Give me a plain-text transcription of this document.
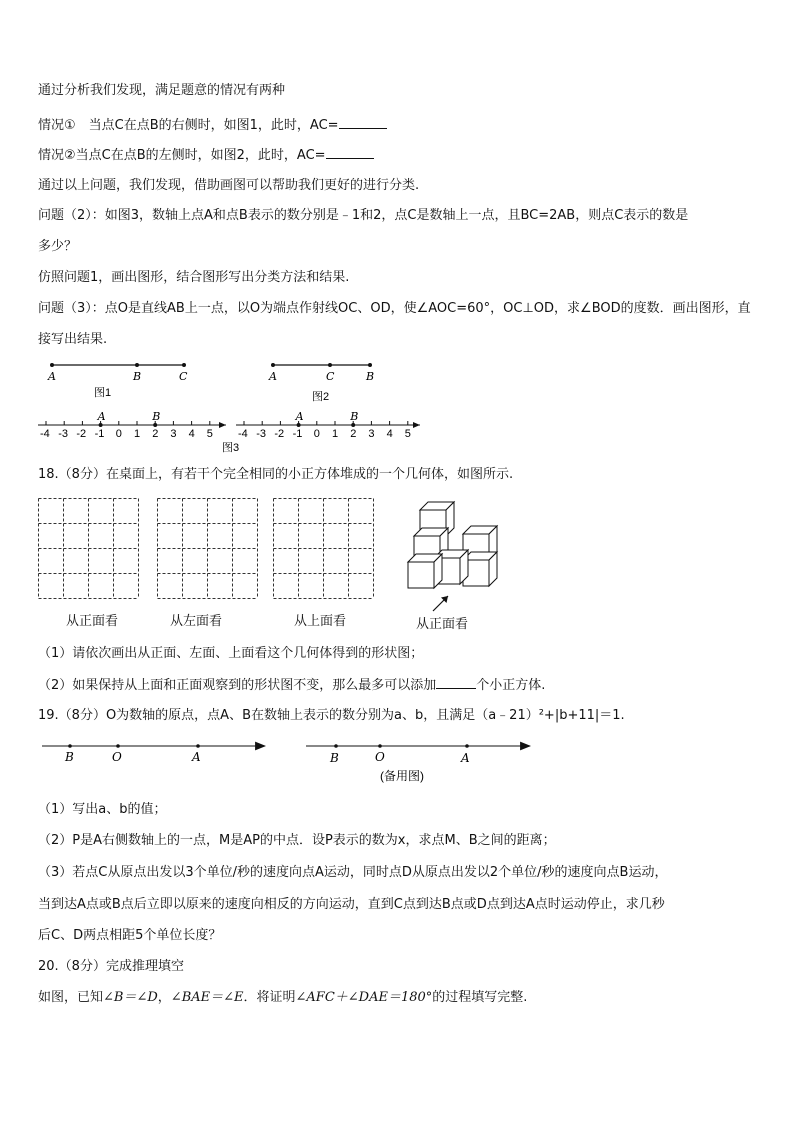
通过分析我们发现，满足题意的情况有两种
情况①　当点C在点B的右侧时，如图1，此时，AC=
情况②当点C在点B的左侧时，如图2，此时，AC=
通过以上问题，我们发现，借助画图可以帮助我们更好的进行分类.
问题（2）：如图3，数轴上点A和点B表示的数分别是﹣1和2，点C是数轴上一点，且BC=2AB，则点C表示的数是
多少？
仿照问题1，画出图形，结合图形写出分类方法和结果.
问题（3）：点O是直线AB上一点，以O为端点作射线OC、OD，使∠AOC=60°，OC⊥OD，求∠BOD的度数．画出图形，直
接写出结果.
A	B	C
图1
A	C	B
图2
-4 -3 -2 -1 0 1 2 3 4 5
A	B
-4 -3 -2 -1 0 1 2 3 4 5
A	B
图3
18.（8分）在桌面上，有若干个完全相同的小正方体堆成的一个几何体，如图所示.
从正面看	从左面看	从上面看	从正面看
（1）请依次画出从正面、左面、上面看这个几何体得到的形状图；
（2）如果保持从上面和正面观察到的形状图不变，那么最多可以添加	个小正方体.
19.（8分）O为数轴的原点，点A、B在数轴上表示的数分别为a、b，且满足（a﹣21）²+|b+11|＝1.
B	O	A	B	O	A
(备用图)
（1）写出a、b的值；
（2）P是A右侧数轴上的一点，M是AP的中点．设P表示的数为x，求点M、B之间的距离；
（3）若点C从原点出发以3个单位/秒的速度向点A运动，同时点D从原点出发以2个单位/秒的速度向点B运动，
当到达A点或B点后立即以原来的速度向相反的方向运动，直到C点到达B点或D点到达A点时运动停止，求几秒
后C、D两点相距5个单位长度？
20.（8分）完成推理填空
如图，已知∠B＝∠D，∠BAE＝∠E．将证明∠AFC＋∠DAE＝180°的过程填写完整.
